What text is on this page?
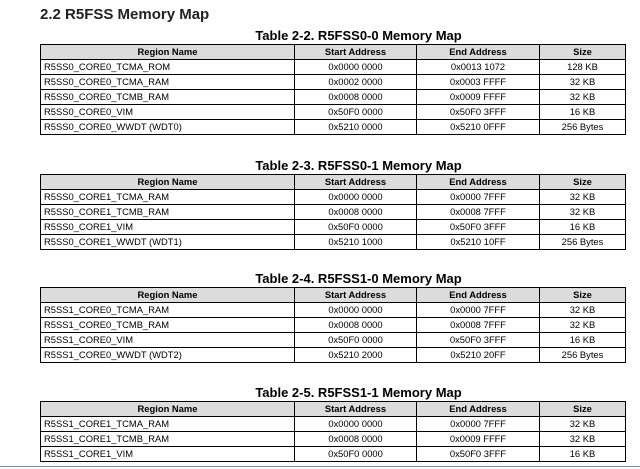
2.2 R5FSS Memory Map
Table 2-2. R5FSS0-0 Memory Map
Region Name	Start Address	End Address	Size
R5SS0_CORE0_TCMA_ROM	0x0000 0000	0x0013 1072	128 KB
R5SS0_CORE0_TCMA_RAM	0x0002 0000	0x0003 FFFF	32 KB
R5SS0_CORE0_TCMB_RAM	0x0008 0000	0x0009 FFFF	32 KB
R5SS0_CORE0_VIM	0x50F0 0000	0x50F0 3FFF	16 KB
R5SS0_CORE0_WWDT (WDT0)	0x5210 0000	0x5210 0FFF	256 Bytes
Table 2-3. R5FSS0-1 Memory Map
Region Name	Start Address	End Address	Size
R5SS0_CORE1_TCMA_RAM	0x0000 0000	0x0000 7FFF	32 KB
R5SS0_CORE1_TCMB_RAM	0x0008 0000	0x0008 7FFF	32 KB
R5SS0_CORE1_VIM	0x50F0 0000	0x50F0 3FFF	16 KB
R5SS0_CORE1_WWDT (WDT1)	0x5210 1000	0x5210 10FF	256 Bytes
Table 2-4. R5FSS1-0 Memory Map
Region Name	Start Address	End Address	Size
R5SS1_CORE0_TCMA_RAM	0x0000 0000	0x0000 7FFF	32 KB
R5SS1_CORE0_TCMB_RAM	0x0008 0000	0x0008 7FFF	32 KB
R5SS1_CORE0_VIM	0x50F0 0000	0x50F0 3FFF	16 KB
R5SS1_CORE0_WWDT (WDT2)	0x5210 2000	0x5210 20FF	256 Bytes
Table 2-5. R5FSS1-1 Memory Map
Region Name	Start Address	End Address	Size
R5SS1_CORE1_TCMA_RAM	0x0000 0000	0x0000 7FFF	32 KB
R5SS1_CORE1_TCMB_RAM	0x0008 0000	0x0009 FFFF	32 KB
R5SS1_CORE1_VIM	0x50F0 0000	0x50F0 3FFF	16 KB
